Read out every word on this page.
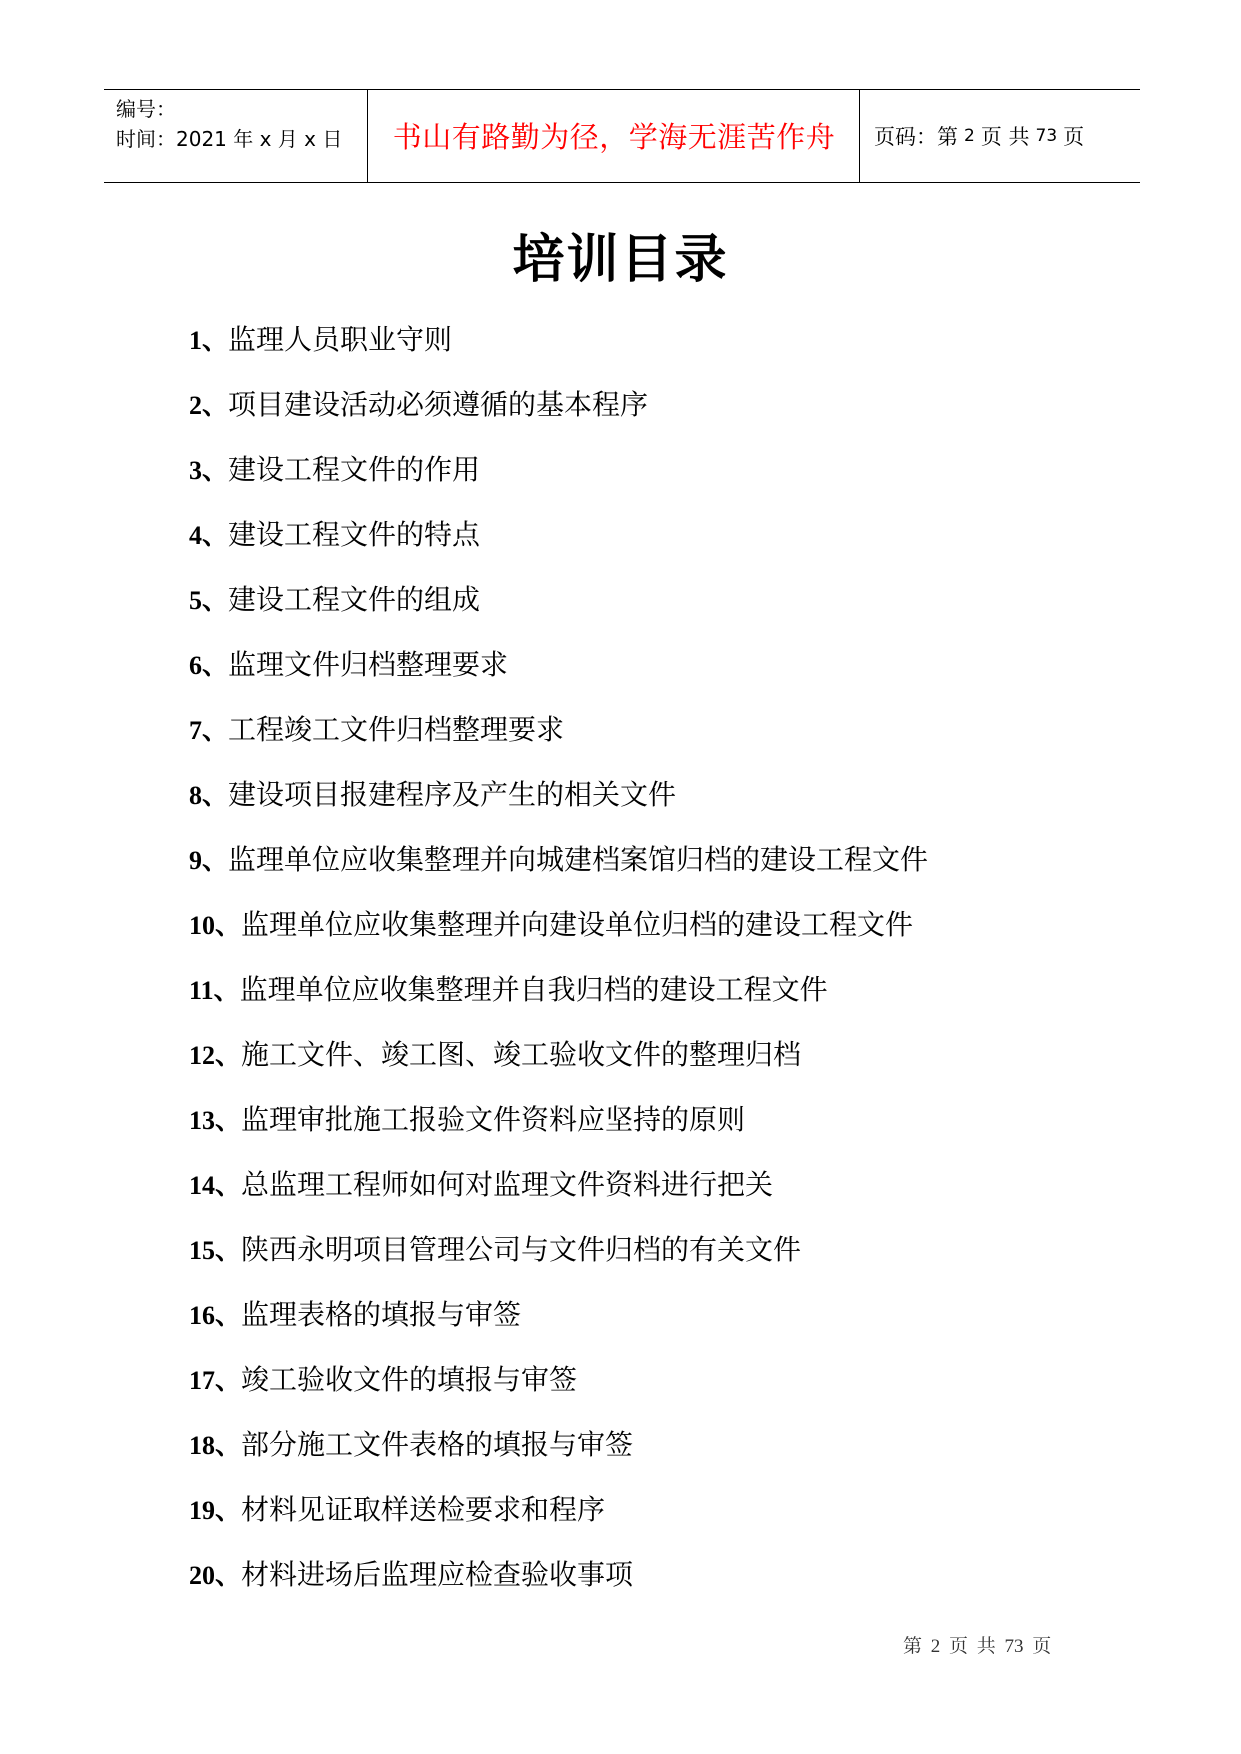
编号：
时间：2021 年 x 月 x 日	书山有路勤为径，学海无涯苦作舟	页码：第 2 页 共 73 页
培训目录
1、监理人员职业守则
2、项目建设活动必须遵循的基本程序
3、建设工程文件的作用
4、建设工程文件的特点
5、建设工程文件的组成
6、监理文件归档整理要求
7、工程竣工文件归档整理要求
8、建设项目报建程序及产生的相关文件
9、监理单位应收集整理并向城建档案馆归档的建设工程文件
10、监理单位应收集整理并向建设单位归档的建设工程文件
11、监理单位应收集整理并自我归档的建设工程文件
12、施工文件、竣工图、竣工验收文件的整理归档
13、监理审批施工报验文件资料应坚持的原则
14、总监理工程师如何对监理文件资料进行把关
15、陕西永明项目管理公司与文件归档的有关文件
16、监理表格的填报与审签
17、竣工验收文件的填报与审签
18、部分施工文件表格的填报与审签
19、材料见证取样送检要求和程序
20、材料进场后监理应检查验收事项
第 2 页 共 73 页
